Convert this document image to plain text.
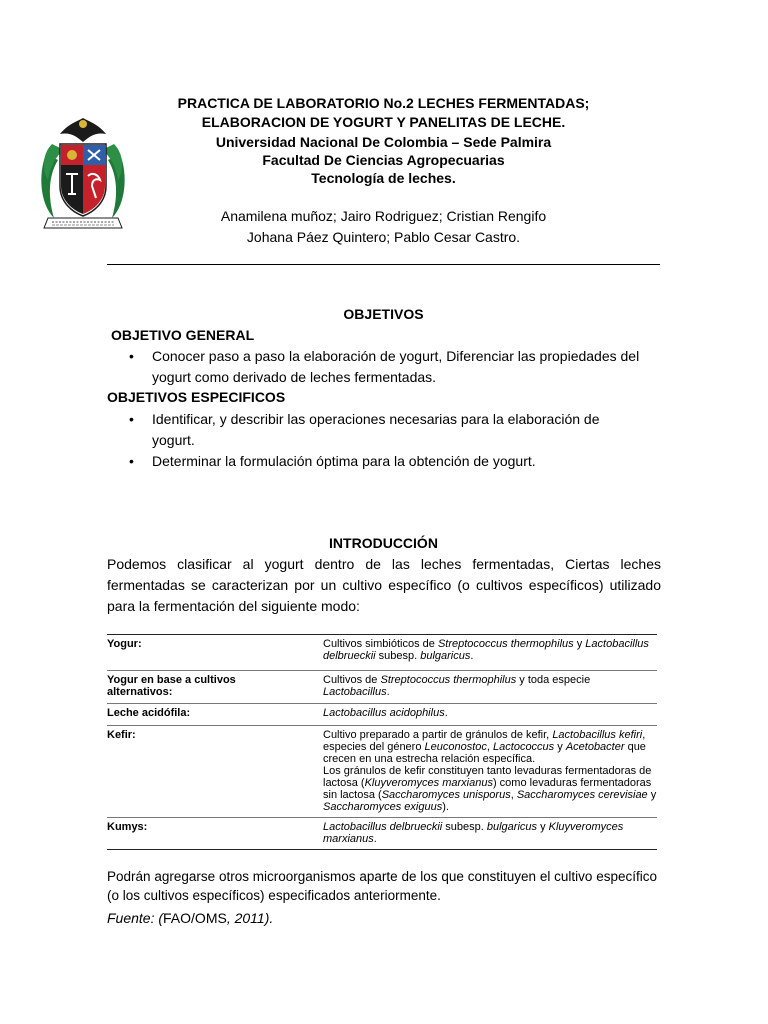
PRACTICA DE LABORATORIO No.2 LECHES FERMENTADAS;
ELABORACION DE YOGURT Y PANELITAS DE LECHE.
Universidad Nacional De Colombia – Sede Palmira
Facultad De Ciencias Agropecuarias
Tecnología de leches.
Anamilena muñoz; Jairo Rodriguez; Cristian Rengifo
Johana Páez Quintero; Pablo Cesar Castro.
OBJETIVOS
OBJETIVO GENERAL
• Conocer paso a paso la elaboración de yogurt, Diferenciar las propiedades del yogurt como derivado de leches fermentadas.
OBJETIVOS ESPECIFICOS
• Identificar, y describir las operaciones necesarias para la elaboración de yogurt.
• Determinar la formulación óptima para la obtención de yogurt.
INTRODUCCIÓN
Podemos clasificar al yogurt dentro de las leches fermentadas, Ciertas leches fermentadas se caracterizan por un cultivo específico (o cultivos específicos) utilizado para la fermentación del siguiente modo:
Yogur:	Cultivos simbióticos de Streptococcus thermophilus y Lactobacillus delbrueckii subesp. bulgaricus.
Yogur en base a cultivos alternativos:	Cultivos de Streptococcus thermophilus y toda especie Lactobacillus.
Leche acidófila:	Lactobacillus acidophilus.
Kefir:	Cultivo preparado a partir de gránulos de kefir, Lactobacillus kefiri, especies del género Leuconostoc, Lactococcus y Acetobacter que crecen en una estrecha relación específica.
Los gránulos de kefir constituyen tanto levaduras fermentadoras de lactosa (Kluyveromyces marxianus) como levaduras fermentadoras sin lactosa (Saccharomyces unisporus, Saccharomyces cerevisiae y Saccharomyces exiguus).
Kumys:	Lactobacillus delbrueckii subesp. bulgaricus y Kluyveromyces marxianus.
Podrán agregarse otros microorganismos aparte de los que constituyen el cultivo específico (o los cultivos específicos) especificados anteriormente.
Fuente: (FAO/OMS, 2011).
